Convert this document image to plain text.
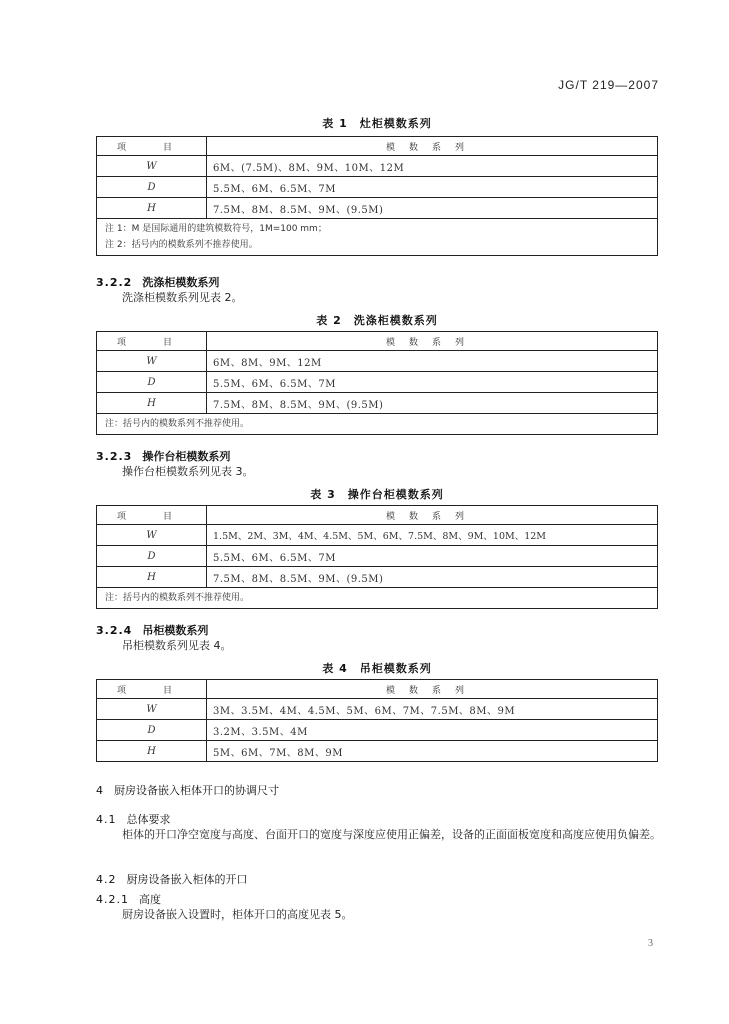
JG/T 219—2007
表 1　灶柜模数系列
项　目	模数系列
W	6M、(7.5M)、8M、9M、10M、12M
D	5.5M、6M、6.5M、7M
H	7.5M、8M、8.5M、9M、(9.5M)

注 1：M 是国际通用的建筑模数符号，1M=100 mm；
注 2：括号内的模数系列不推荐使用。	
3.2.2 洗涤柜模数系列
洗涤柜模数系列见表 2。
表 2　洗涤柜模数系列
项　目	模数系列
W	6M、8M、9M、12M
D	5.5M、6M、6.5M、7M
H	7.5M、8M、8.5M、9M、(9.5M)
注：括号内的模数系列不推荐使用。	
3.2.3 操作台柜模数系列
操作台柜模数系列见表 3。
表 3　操作台柜模数系列
项　目	模数系列
W	1.5M、2M、3M、4M、4.5M、5M、6M、7.5M、8M、9M、10M、12M
D	5.5M、6M、6.5M、7M
H	7.5M、8M、8.5M、9M、(9.5M)
注：括号内的模数系列不推荐使用。	
3.2.4 吊柜模数系列
吊柜模数系列见表 4。
表 4　吊柜模数系列
项　目	模数系列
W	3M、3.5M、4M、4.5M、5M、6M、7M、7.5M、8M、9M
D	3.2M、3.5M、4M
H	5M、6M、7M、8M、9M
4 厨房设备嵌入柜体开口的协调尺寸
4.1 总体要求
柜体的开口净空宽度与高度、台面开口的宽度与深度应使用正偏差，设备的正面面板宽度和高度应使用负偏差。
4.2 厨房设备嵌入柜体的开口
4.2.1 高度
厨房设备嵌入设置时，柜体开口的高度见表 5。
3
